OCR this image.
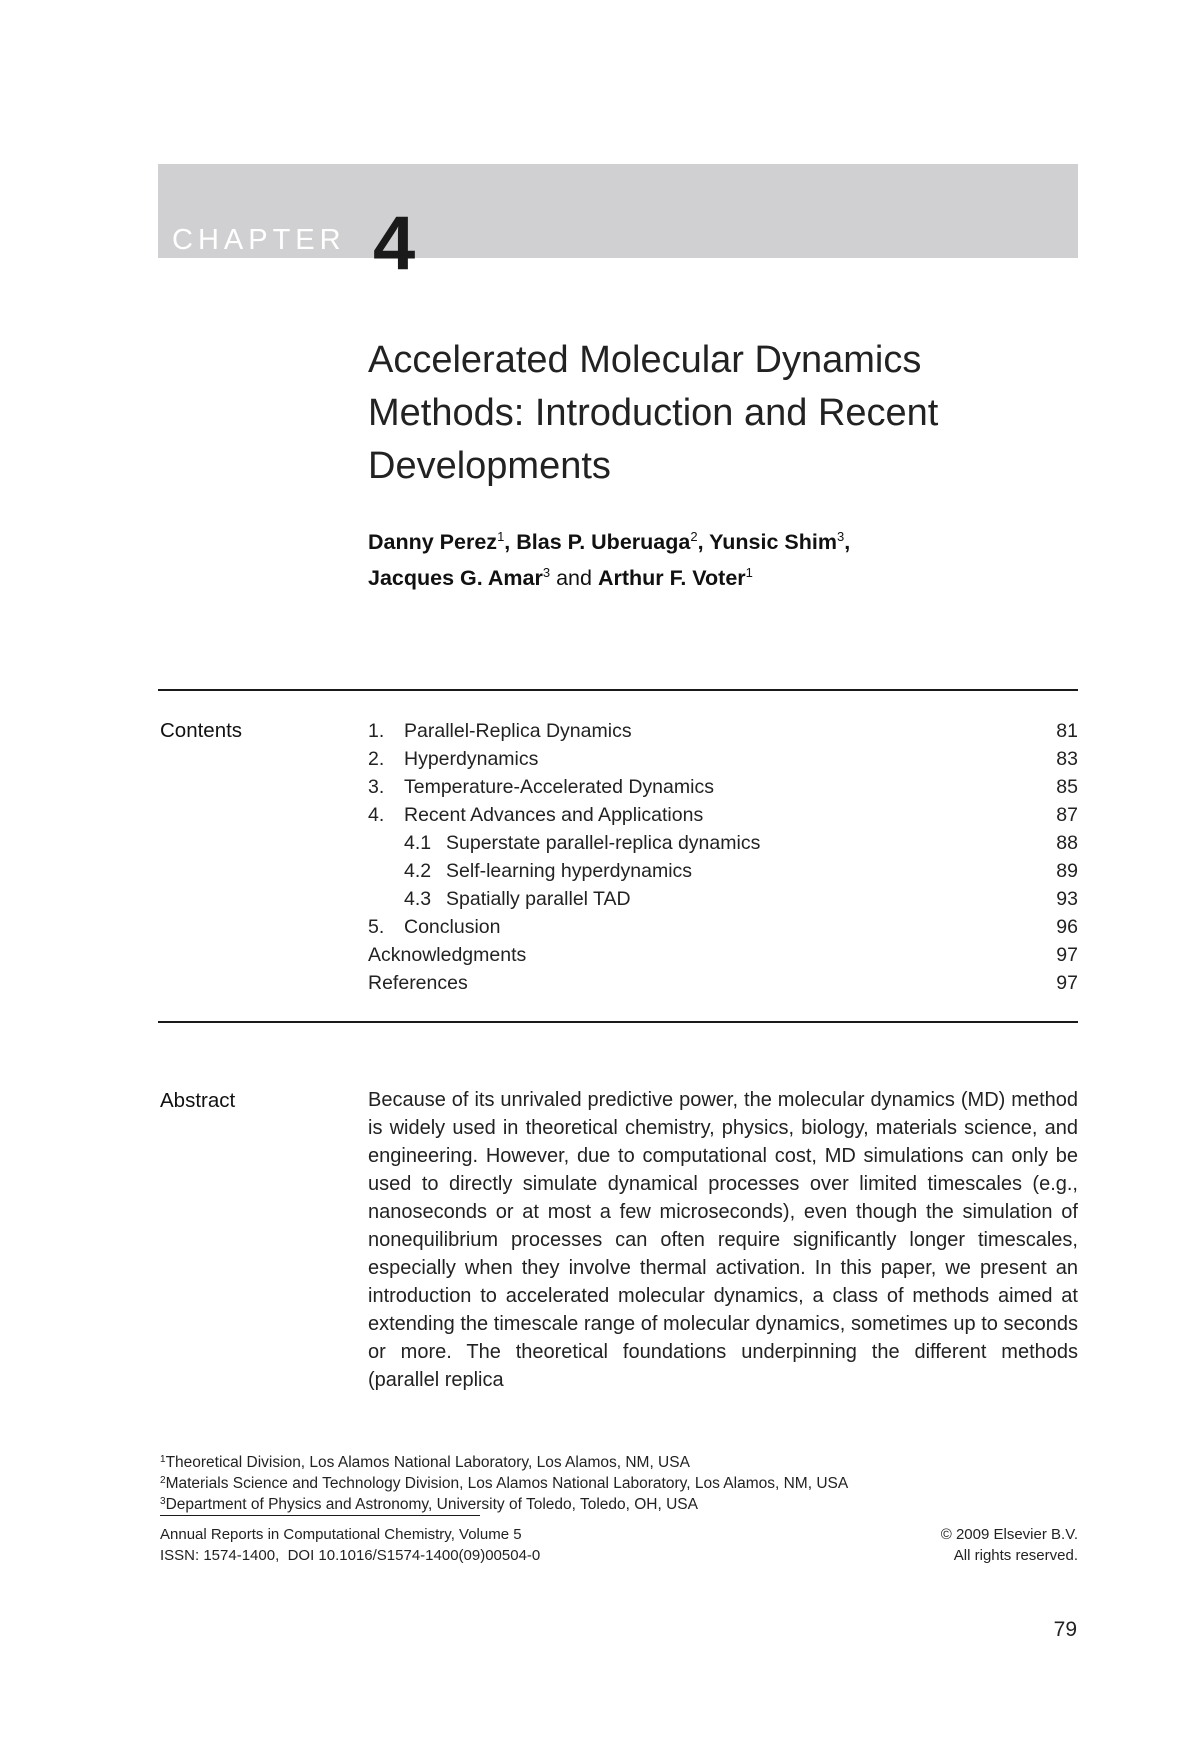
CHAPTER 4
Accelerated Molecular Dynamics
Methods: Introduction and Recent
Developments
Danny Perez$^1$, Blas P. Uberuaga$^2$, Yunsic Shim$^3$,
Jacques G. Amar$^3$ and Arthur F. Voter$^1$
Contents	1. Parallel-Replica Dynamics	81
2. Hyperdynamics	83
3. Temperature-Accelerated Dynamics	85
4. Recent Advances and Applications	87
4.1 Superstate parallel-replica dynamics	88
4.2 Self-learning hyperdynamics	89
4.3 Spatially parallel TAD	93
5. Conclusion	96
Acknowledgments	97
References	97
Abstract	Because of its unrivaled predictive power, the molecular dynamics (MD) method is widely used in theoretical chemistry, physics, biology, materials science, and engineering. However, due to computational cost, MD simulations can only be used to directly simulate dynamical processes over limited timescales (e.g., nanoseconds or at most a few microseconds), even though the simulation of nonequilibrium processes can often require significantly longer timescales, especially when they involve thermal activation. In this paper, we present an introduction to accelerated molecular dynamics, a class of methods aimed at extending the timescale range of molecular dynamics, sometimes up to seconds or more. The theoretical foundations underpinning the different methods (parallel replica

$^1$Theoretical Division, Los Alamos National Laboratory, Los Alamos, NM, USA
$^2$Materials Science and Technology Division, Los Alamos National Laboratory, Los Alamos, NM, USA
$^3$Department of Physics and Astronomy, University of Toledo, Toledo, OH, USA
Annual Reports in Computational Chemistry, Volume 5
ISSN: 1574-1400,  DOI 10.1016/S1574-1400(09)00504-0
© 2009 Elsevier B.V.
All rights reserved.
79
